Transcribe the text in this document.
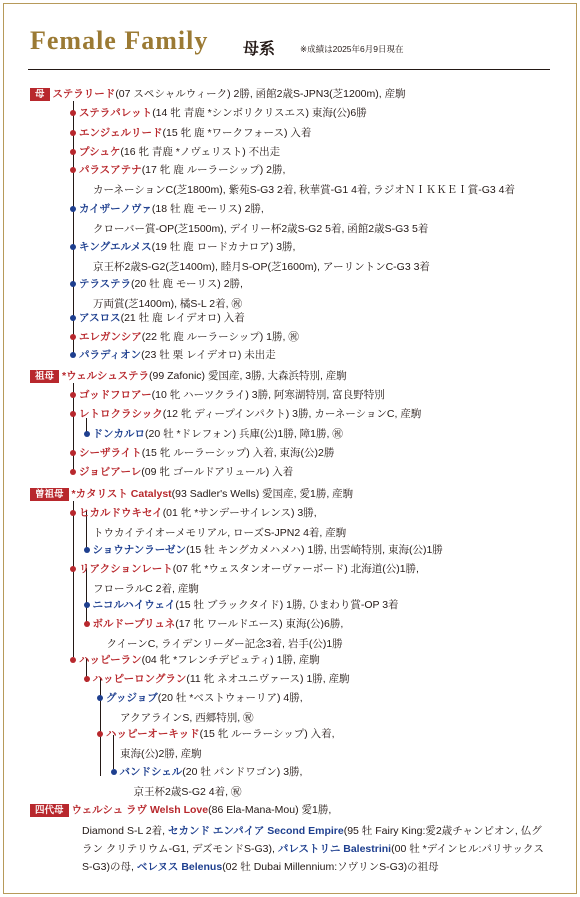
Female Family 母系	※成績は2025年6月9日現在
母 ステラリード(07 スペシャルウィーク) 2勝, 函館2歳S-JPN3(芝1200m), 産駒
ステラパレット(14 牝 青鹿 *シンボリクリスエス) 東海(公)6勝
エンジェルリード(15 牝 鹿 *ワークフォース) 入着
プシュケ(16 牝 青鹿 *ノヴェリスト) 不出走
パラスアテナ(17 牝 鹿 ルーラーシップ) 2勝,
カーネーションC(芝1800m), 紫苑S-G3 2着, 秋華賞-G1 4着, ラジオＮＩＫＫＥＩ賞-G3 4着
カイザーノヴァ(18 牡 鹿 モーリス) 2勝,
クローバー賞-OP(芝1500m), デイリー杯2歳S-G2 5着, 函館2歳S-G3 5着
キングエルメス(19 牡 鹿 ロードカナロア) 3勝,
京王杯2歳S-G2(芝1400m), 睦月S-OP(芝1600m), アーリントンC-G3 3着
テラステラ(20 牡 鹿 モーリス) 2勝,
万両賞(芝1400m), 橘S-L 2着, ㊗
アスロス(21 牡 鹿 レイデオロ) 入着
エレガンシア(22 牝 鹿 ルーラーシップ) 1勝, ㊗
パラディオン(23 牡 栗 レイデオロ) 未出走
祖母 *ウェルシュステラ(99 Zafonic) 愛国産, 3勝, 大森浜特別, 産駒
ゴッドフロアー(10 牝 ハーツクライ) 3勝, 阿寒湖特別, 富良野特別
レトロクラシック(12 牝 ディープインパクト) 3勝, カーネーションC, 産駒
ドンカルロ(20 牡 *ドレフォン) 兵庫(公)1勝, 障1勝, ㊗
シーザライト(15 牝 ルーラーシップ) 入着, 東海(公)2勝
ジョビアーレ(09 牝 ゴールドアリュール) 入着
曽祖母 *カタリスト Catalyst(93 Sadler's Wells) 愛国産, 愛1勝, 産駒
ヒカルドウキセイ(01 牝 *サンデーサイレンス) 3勝,
トウカイテイオーメモリアル, ローズS-JPN2 4着, 産駒
ショウナンラーゼン(15 牡 キングカメハメハ) 1勝, 出雲崎特別, 東海(公)1勝
リアクションレート(07 牝 *ウェスタンオーヴァーボード) 北海道(公)1勝,
フローラルC 2着, 産駒
ニコルハイウェイ(15 牡 ブラックタイド) 1勝, ひまわり賞-OP 3着
ボルドープリュネ(17 牝 ワールドエース) 東海(公)6勝,
クイーンC, ライデンリーダー記念3着, 岩手(公)1勝
ハッピーラン(04 牝 *フレンチデピュティ) 1勝, 産駒
ハッピーロングラン(11 牝 ネオユニヴァース) 1勝, 産駒
グッジョブ(20 牡 *ベストウォーリア) 4勝,
アクアラインS, 西郷特別, ㊗
ハッピーオーキッド(15 牝 ルーラーシップ) 入着,
東海(公)2勝, 産駒
バンドシェル(20 牡 パンドワゴン) 3勝,
京王杯2歳S-G2 4着, ㊗
四代母 ウェルシュ ラヴ Welsh Love(86 Ela-Mana-Mou) 愛1勝,
Diamond S-L 2着, セカンド エンパイア Second Empire(95 牡 Fairy King:愛2歳チャンピオン, 仏グラン クリテリウム-G1, デズモンドS-G3), パレストリニ Balestrini(00 牡 *デインヒル:パリサックスS-G3)の母, ベレヌス Belenus(02 牡 Dubai Millennium:ソヴリンS-G3)の祖母
